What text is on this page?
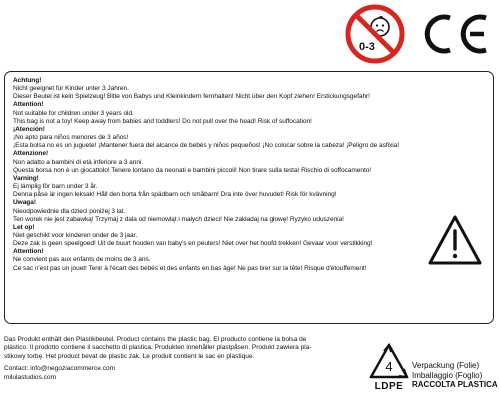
0-3
Achtung!
Nicht geeignet für Kinder unter 3 Jahren.
Dieser Beutel ist kein Spielzeug! Bitte von Babys und Kleinkindern fernhalten! Nicht über den Kopf ziehen! Erstickungsgefahr!
Attention!
Not suitable for children under 3 years old.
This bag is not a toy! Keep away from babies and toddlers! Do not pull over the head! Risk of suffocation!
¡Atención!
¡No apto para niños menores de 3 años!
¡Esta bolsa no es un juguete! ¡Mantener fuera del alcance de bebés y niños pequeños! ¡No colocar sobre la cabeza! ¡Peligro de asfixia!
Attenzione!
Non adatto a bambini di età inferiore a 3 anni.
Questa borsa non è un giocattolo! Tenere lontano da neonati e bambini piccoli! Non tirare sulla testa! Rischio di soffocamento!
Varning!
Ej lämplig för barn under 3 år.
Denna påse är ingen leksak! Håll den borta från spädbarn och småbarn! Dra inte över huvudet! Risk för kvävning!
Uwaga!
Nieodpowiednie dla dzieci poniżej 3 lat.
Ten worek nie jest zabawką! Trzymaj z dala od niemowląt i małych dzieci! Nie zakładaj na głowę! Ryzyko uduszenia!
Let op!
Niet geschikt voor kinderen onder de 3 jaar.
Deze zak is geen speelgoed! Uit de buurt houden van baby's en peuters! Niet over het hoofd trekken! Gevaar voor verstikking!
Attention!
Ne convient pas aux enfants de moins de 3 ans.
Ce sac n'est pas un jouet! Tenir à l'écart des bébés et des enfants en bas âge! Ne pas tirer sur la tête! Risque d'étouffement!
Das Produkt enthält den Plastikbeutel. Product contains the plastic bag. El producto contiene la bolsa de
plástico. Il prodotto contiene il sacchetto di plastica. Produkten innehåller plastpåsen. Produkt zawiera pla-
stikowy torbę. Het product bevat de plastic zak. Le produit contient le sac en plastique.
Contact: info@negoziacommerce.com
milulastudios.com
4
LDPE
Verpackung (Folie)
Imballaggio (Foglio)
RACCOLTA PLASTICA
